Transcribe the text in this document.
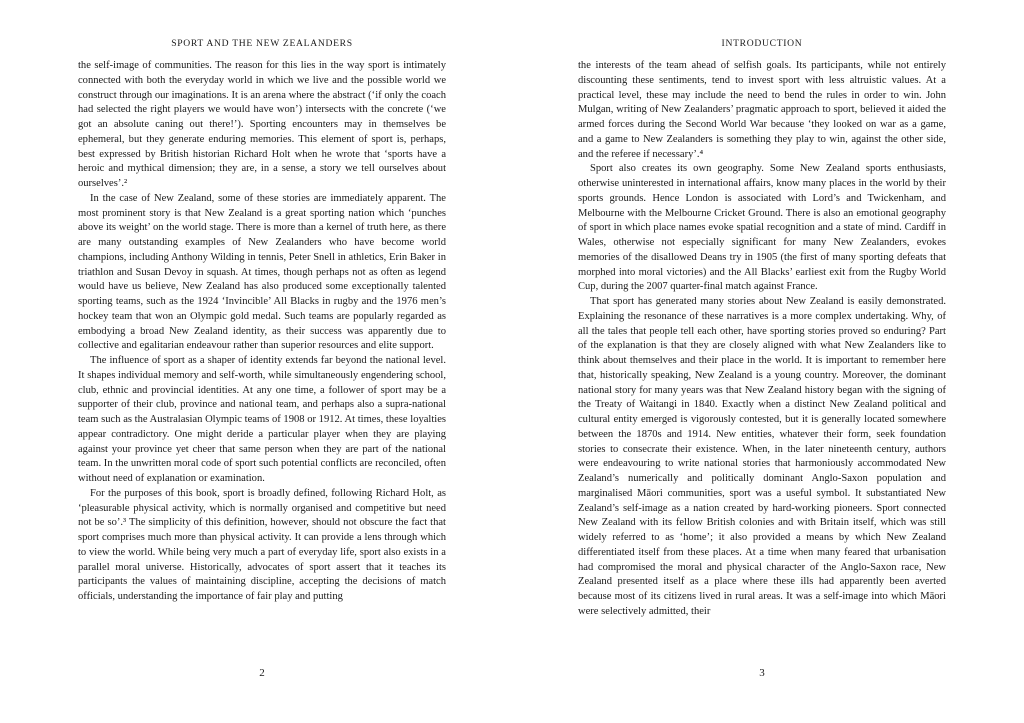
SPORT AND THE NEW ZEALANDERS

the self-image of communities. The reason for this lies in the way sport is intimately connected with both the everyday world in which we live and the possible world we construct through our imaginations. It is an arena where the abstract (‘if only the coach had selected the right players we would have won’) intersects with the concrete (‘we got an absolute caning out there!’). Sporting encounters may in themselves be ephemeral, but they generate enduring memories. This element of sport is, perhaps, best expressed by British historian Richard Holt when he wrote that ‘sports have a heroic and mythical dimension; they are, in a sense, a story we tell ourselves about ourselves’.²

In the case of New Zealand, some of these stories are immediately apparent. The most prominent story is that New Zealand is a great sporting nation which ‘punches above its weight’ on the world stage. There is more than a kernel of truth here, as there are many outstanding examples of New Zealanders who have become world champions, including Anthony Wilding in tennis, Peter Snell in athletics, Erin Baker in triathlon and Susan Devoy in squash. At times, though perhaps not as often as legend would have us believe, New Zealand has also produced some exceptionally talented sporting teams, such as the 1924 ‘Invincible’ All Blacks in rugby and the 1976 men’s hockey team that won an Olympic gold medal. Such teams are popularly regarded as embodying a broad New Zealand identity, as their success was apparently due to collective and egalitarian endeavour rather than superior resources and elite support.

The influence of sport as a shaper of identity extends far beyond the national level. It shapes individual memory and self-worth, while simultaneously engendering school, club, ethnic and provincial identities. At any one time, a follower of sport may be a supporter of their club, province and national team, and perhaps also a supra-national team such as the Australasian Olympic teams of 1908 or 1912. At times, these loyalties appear contradictory. One might deride a particular player when they are playing against your province yet cheer that same person when they are part of the national team. In the unwritten moral code of sport such potential conflicts are reconciled, often without need of explanation or examination.

For the purposes of this book, sport is broadly defined, following Richard Holt, as ‘pleasurable physical activity, which is normally organised and competitive but need not be so’.³ The simplicity of this definition, however, should not obscure the fact that sport comprises much more than physical activity. It can provide a lens through which to view the world. While being very much a part of everyday life, sport also exists in a parallel moral universe. Historically, advocates of sport assert that it teaches its participants the values of maintaining discipline, accepting the decisions of match officials, understanding the importance of fair play and putting

2
INTRODUCTION

the interests of the team ahead of selfish goals. Its participants, while not entirely discounting these sentiments, tend to invest sport with less altruistic values. At a practical level, these may include the need to bend the rules in order to win. John Mulgan, writing of New Zealanders’ pragmatic approach to sport, believed it aided the armed forces during the Second World War because ‘they looked on war as a game, and a game to New Zealanders is something they play to win, against the other side, and the referee if necessary’.⁴

Sport also creates its own geography. Some New Zealand sports enthusiasts, otherwise uninterested in international affairs, know many places in the world by their sports grounds. Hence London is associated with Lord’s and Twickenham, and Melbourne with the Melbourne Cricket Ground. There is also an emotional geography of sport in which place names evoke spatial recognition and a state of mind. Cardiff in Wales, otherwise not especially significant for many New Zealanders, evokes memories of the disallowed Deans try in 1905 (the first of many sporting defeats that morphed into moral victories) and the All Blacks’ earliest exit from the Rugby World Cup, during the 2007 quarter-final match against France.

That sport has generated many stories about New Zealand is easily demonstrated. Explaining the resonance of these narratives is a more complex undertaking. Why, of all the tales that people tell each other, have sporting stories proved so enduring? Part of the explanation is that they are closely aligned with what New Zealanders like to think about themselves and their place in the world. It is important to remember here that, historically speaking, New Zealand is a young country. Moreover, the dominant national story for many years was that New Zealand history began with the signing of the Treaty of Waitangi in 1840. Exactly when a distinct New Zealand political and cultural entity emerged is vigorously contested, but it is generally located somewhere between the 1870s and 1914. New entities, whatever their form, seek foundation stories to consecrate their existence. When, in the later nineteenth century, authors were endeavouring to write national stories that harmoniously accommodated New Zealand’s numerically and politically dominant Anglo-Saxon population and marginalised Māori communities, sport was a useful symbol. It substantiated New Zealand’s self-image as a nation created by hard-working pioneers. Sport connected New Zealand with its fellow British colonies and with Britain itself, which was still widely referred to as ‘home’; it also provided a means by which New Zealand differentiated itself from these places. At a time when many feared that urbanisation had compromised the moral and physical character of the Anglo-Saxon race, New Zealand presented itself as a place where these ills had apparently been averted because most of its citizens lived in rural areas. It was a self-image into which Māori were selectively admitted, their

3
